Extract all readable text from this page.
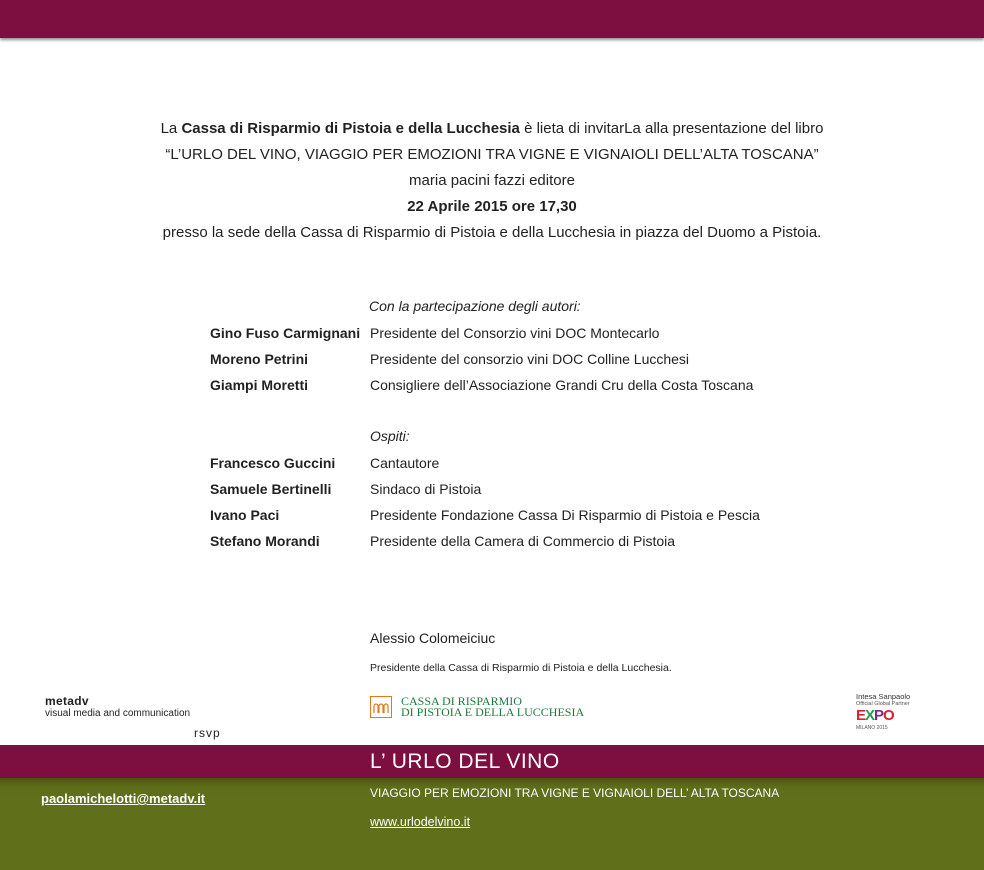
La Cassa di Risparmio di Pistoia e della Lucchesia è lieta di invitarLa alla presentazione del libro
“L’URLO DEL VINO, VIAGGIO PER EMOZIONI TRA VIGNE E VIGNAIOLI DELL’ALTA TOSCANA”
maria pacini fazzi editore
22 Aprile 2015 ore 17,30
presso la sede della Cassa di Risparmio di Pistoia e della Lucchesia in piazza del Duomo a Pistoia.
Con la partecipazione degli autori:
Gino Fuso Carmignani Presidente del Consorzio vini DOC Montecarlo
Moreno Petrini	Presidente del consorzio vini DOC Colline Lucchesi
Giampi Moretti	Consigliere dell’Associazione Grandi Cru della Costa Toscana
Ospiti:
Francesco Guccini	Cantautore
Samuele Bertinelli	Sindaco di Pistoia
Ivano Paci	Presidente Fondazione Cassa Di Risparmio di Pistoia e Pescia
Stefano Morandi	Presidente della Camera di Commercio di Pistoia
Alessio Colomeiciuc
Presidente della Cassa di Risparmio di Pistoia e della Lucchesia.
metadv
visual media and communication
rsvp
CASSA DI RISPARMIO
DI PISTOIA E DELLA LUCCHESIA
Intesa Sanpaolo
Official Global Partner
EXPO
MILANO 2015
L’ URLO DEL VINO
paolamichelotti@metadv.it	VIAGGIO PER EMOZIONI TRA VIGNE E VIGNAIOLI DELL’ ALTA TOSCANA
www.urlodelvino.it
